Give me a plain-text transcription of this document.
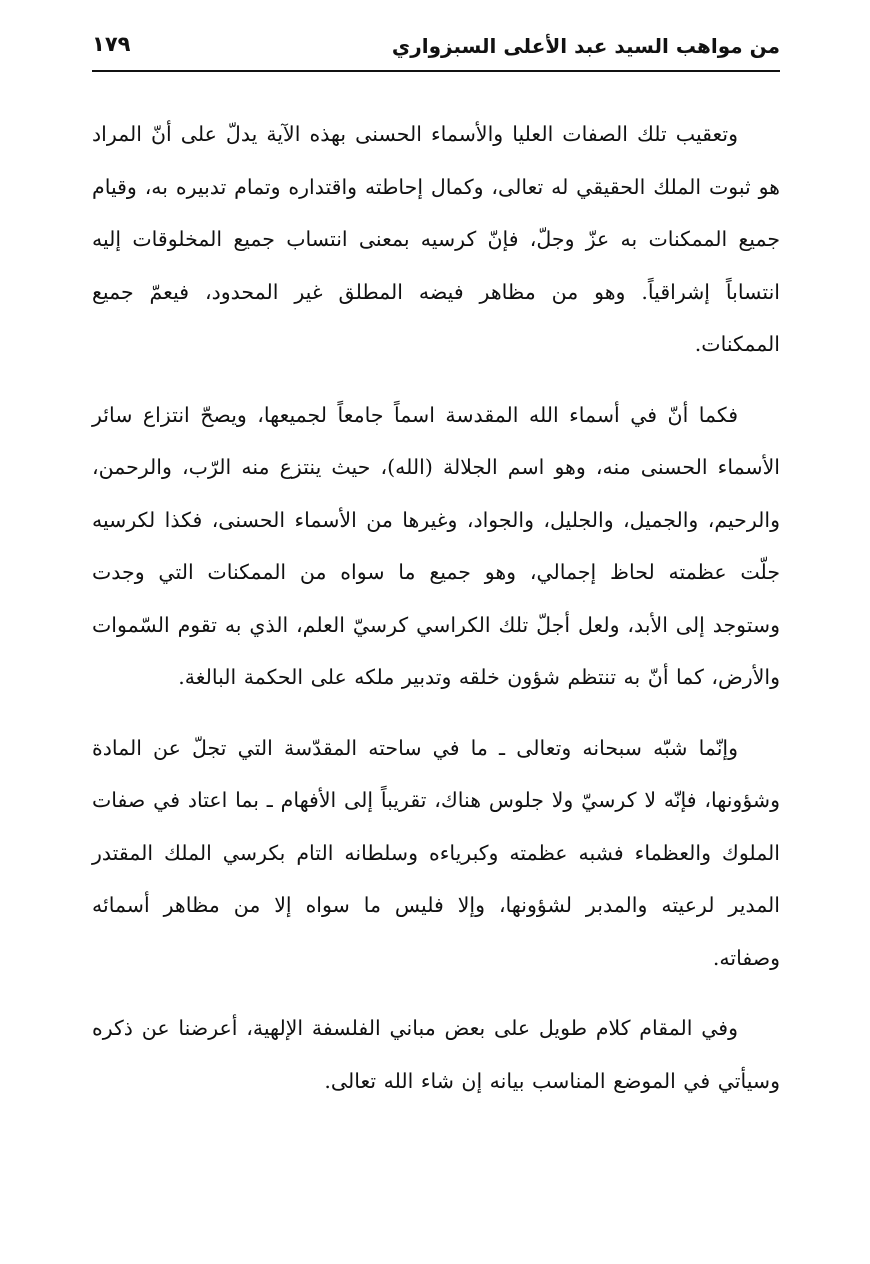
من مواهب السيد عبد الأعلى السبزواري
١٧٩

وتعقيب تلك الصفات العليا والأسماء الحسنى بهذه الآية يدلّ على أنّ المراد هو ثبوت الملك الحقيقي له تعالى، وكمال إحاطته واقتداره وتمام تدبيره به، وقيام جميع الممكنات به عزّ وجلّ، فإنّ كرسيه بمعنى انتساب جميع المخلوقات إليه انتساباً إشراقياً. وهو من مظاهر فيضه المطلق غير المحدود، فيعمّ جميع الممكنات.

فكما أنّ في أسماء الله المقدسة اسماً جامعاً لجميعها، ويصحّ انتزاع سائر الأسماء الحسنى منه، وهو اسم الجلالة (الله)، حيث ينتزع منه الرّب، والرحمن، والرحيم، والجميل، والجليل، والجواد، وغيرها من الأسماء الحسنى، فكذا لكرسيه جلّت عظمته لحاظ إجمالي، وهو جميع ما سواه من الممكنات التي وجدت وستوجد إلى الأبد، ولعل أجلّ تلك الكراسي كرسيّ العلم، الذي به تقوم السّموات والأرض، كما أنّ به تنتظم شؤون خلقه وتدبير ملكه على الحكمة البالغة.

وإنّما شبّه سبحانه وتعالى ـ ما في ساحته المقدّسة التي تجلّ عن المادة وشؤونها، فإنّه لا كرسيّ ولا جلوس هناك، تقريباً إلى الأفهام ـ بما اعتاد في صفات الملوك والعظماء فشبه عظمته وكبرياءه وسلطانه التام بكرسي الملك المقتدر المدير لرعيته والمدبر لشؤونها، وإلا فليس ما سواه إلا من مظاهر أسمائه وصفاته.

وفي المقام كلام طويل على بعض مباني الفلسفة الإلهية، أعرضنا عن ذكره وسيأتي في الموضع المناسب بيانه إن شاء الله تعالى.
